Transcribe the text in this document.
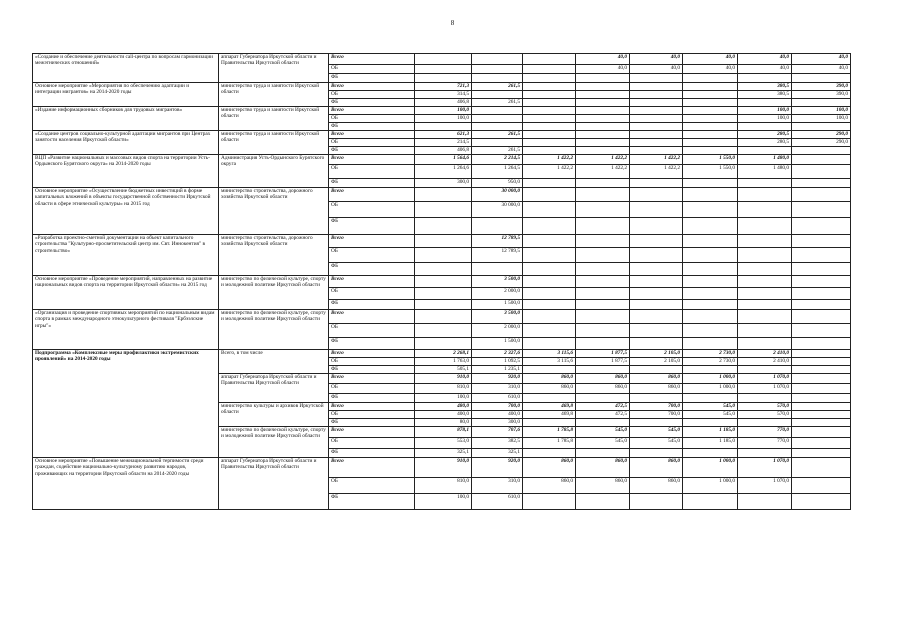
8
«Создание и обеспечение деятельности call-центра по вопросам гармонизации межэтнических отношений»	аппарат Губернатора Иркутской области и Правительства Иркутской области	Всего				40,0	40,0	40,0	40,0	40,0	
		ОБ				40,0	40,0	40,0	40,0	40,0	
		ФБ									
Основное мероприятие «Мероприятия по обеспечению адаптации и интеграции мигрантов» на 2014-2020 годы	министерство труда и занятости Иркутской области	Всего	721,3	261,5					380,5	390,0	
		ОБ	314,5						380,5	390,0	
		ФБ	406,8	261,5							
«Издание информационных сборников для трудовых мигрантов»	министерство труда и занятости Иркутской области	Всего	100,0						100,0	100,0	
		ОБ	100,0						100,0	100,0	
		ФБ									
«Создание центров социально-культурной адаптации мигрантов при Центрах занятости населения Иркутской области»	министерство труда и занятости Иркутской области	Всего	621,3	261,5					280,5	290,0	
		ОБ	214,5						280,5	290,0	
		ФБ	406,8	261,5							
ВЦП «Развитие национальных и массовых видов спорта на территории Усть-Ордынского Бурятского округа» на 2014-2020 годы	Администрация Усть-Ордынского Бурятского округа	Всего	1 564,6	2 214,5	1 422,2	1 422,2	1 422,2	1 550,0	1 480,0		
		ОБ	1 264,6	1 264,5	1 422,2	1 422,2	1 422,2	1 550,0	1 480,0		
		ФБ	300,0	950,0							
Основное мероприятие «Осуществление бюджетных инвестиций в форме капитальных вложений в объекты государственной собственности Иркутской области в сфере этнической культуры» на 2015 год	министерство строительства, дорожного хозяйства Иркутской области	Всего		30 000,0							
		ОБ		30 000,0							
		ФБ									
«Разработка проектно-сметной документации на объект капитального строительства "Культурно-просветительский центр им. Свт. Иннокентия" в строительство»	министерство строительства, дорожного хозяйства Иркутской области	Всего		12 789,5							
		ОБ		12 789,5							
		ФБ									
Основное мероприятие «Проведение мероприятий, направленных на развитие национальных видов спорта на территории Иркутской области» на 2015 год	министерство по физической культуре, спорту и молодежной политике Иркутской области	Всего		3 500,0							
		ОБ		2 000,0							
		ФБ		1 500,0							
«Организация и проведение спортивных мероприятий по национальным видам спорта в рамках международного этнокультурного фестиваля "Ербээлские игры"»	министерство по физической культуре, спорту и молодежной политике Иркутской области	Всего		3 500,0							
		ОБ		2 000,0							
		ФБ		1 500,0							
Подпрограмма «Комплексные меры профилактики экстремистских проявлений» на 2014-2020 годы	Всего, в том числе	Всего	2 268,1	2 327,6	3 115,6	1 877,5	2 105,0	2 730,0	2 410,0		
		ОБ	1 763,0	1 092,5	3 115,6	1 877,5	2 105,0	2 730,0	2 410,0		
		ФБ	505,1	1 235,1							
	аппарат Губернатора Иркутской области и Правительства Иркутской области	Всего	910,0	920,0	860,0	860,0	860,0	1 000,0	1 070,0		
		ОБ	810,0	310,0	860,0	860,0	860,0	1 000,0	1 070,0		
		ФБ	100,0	610,0							
	министерство культуры и архивов Иркутской области	Всего	480,0	700,0	469,8	472,5	700,0	545,0	570,0		
		ОБ	400,0	400,0	469,8	472,5	700,0	545,0	570,0		
		ФБ	80,0	300,0							
	министерство по физической культуре, спорту и молодежной политике Иркутской области	Всего	878,1	707,6	1 785,8	545,0	545,0	1 185,0	770,0		
		ОБ	553,0	382,5	1 785,8	545,0	545,0	1 185,0	770,0		
		ФБ	325,1	325,1							
Основное мероприятие «Повышение межнациональной терпимости среди граждан, содействие национально-культурному развитию народов, проживающих на территории Иркутской области на 2014-2020 годы	аппарат Губернатора Иркутской области и Правительства Иркутской области	Всего	910,0	920,0	860,0	860,0	860,0	1 000,0	1 070,0		
		ОБ	810,0	310,0	860,0	860,0	860,0	1 000,0	1 070,0		
		ФБ	100,0	610,0							
